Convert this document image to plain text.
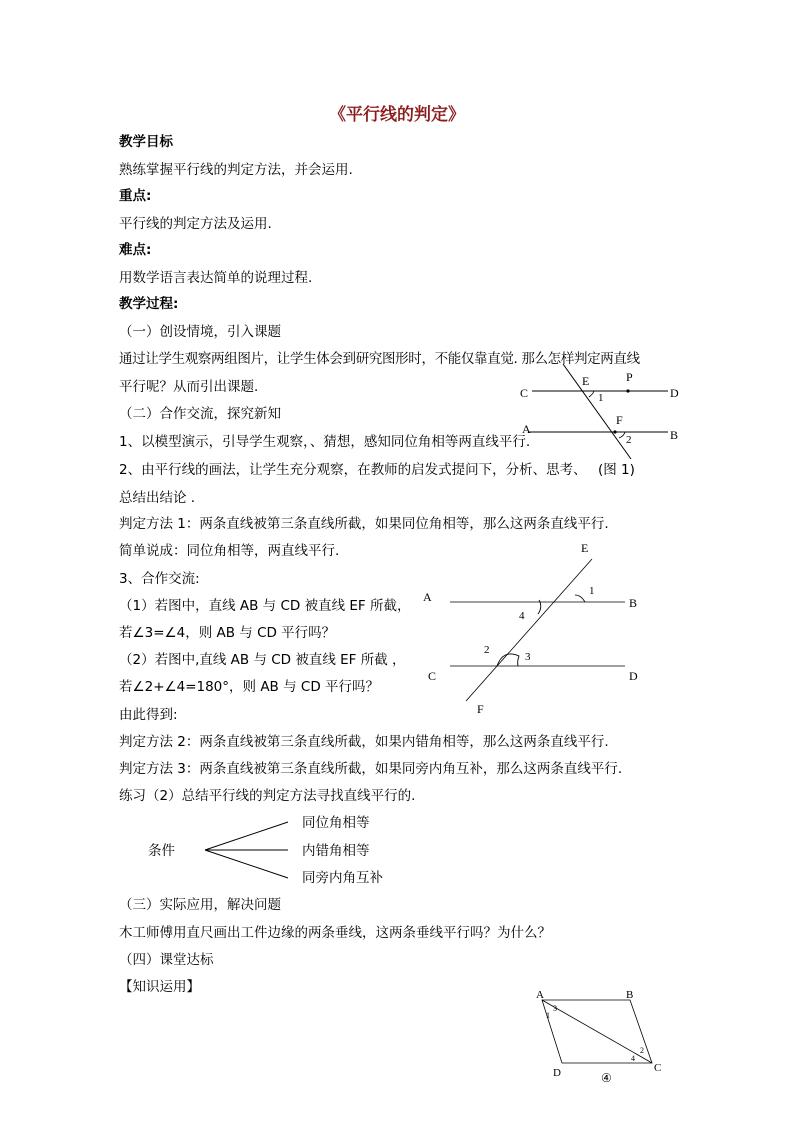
《平行线的判定》
教学目标
熟练掌握平行线的判定方法，并会运用.
重点:
平行线的判定方法及运用.
难点:
用数学语言表达简单的说理过程.
教学过程:
（一）创设情境，引入课题
通过让学生观察两组图片，让学生体会到研究图形时，不能仅靠直觉. 那么怎样判定两直线
平行呢？从而引出课题.
（二）合作交流，探究新知
1、以模型演示，引导学生观察，、猜想，感知同位角相等两直线平行.
2、由平行线的画法，让学生充分观察，在教师的启发式提问下，分析、思考、 (图 1)
总结出结论 .
判定方法 1：两条直线被第三条直线所截，如果同位角相等，那么这两条直线平行.
简单说成：同位角相等，两直线平行.
3、合作交流:
（1）若图中，直线 AB 与 CD 被直线 EF 所截，
若∠3=∠4，则 AB 与 CD 平行吗？
（2）若图中,直线 AB 与 CD 被直线 EF 所截 ，
若∠2+∠4=180°，则 AB 与 CD 平行吗？
由此得到:
判定方法 2：两条直线被第三条直线所截，如果内错角相等，那么这两条直线平行.
判定方法 3：两条直线被第三条直线所截，如果同旁内角互补，那么这两条直线平行.
练习（2）总结平行线的判定方法寻找直线平行的.
条件
同位角相等
内错角相等
同旁内角互补
（三）实际应用，解决问题
木工师傅用直尺画出工件边缘的两条垂线，这两条垂线平行吗？为什么？
（四）课堂达标
【知识运用】
C
E	P
D
1
F
A
2	B
E
A	1
B
4
2
3
C	D
F
A	B
3
1
2
4
D	C
④
